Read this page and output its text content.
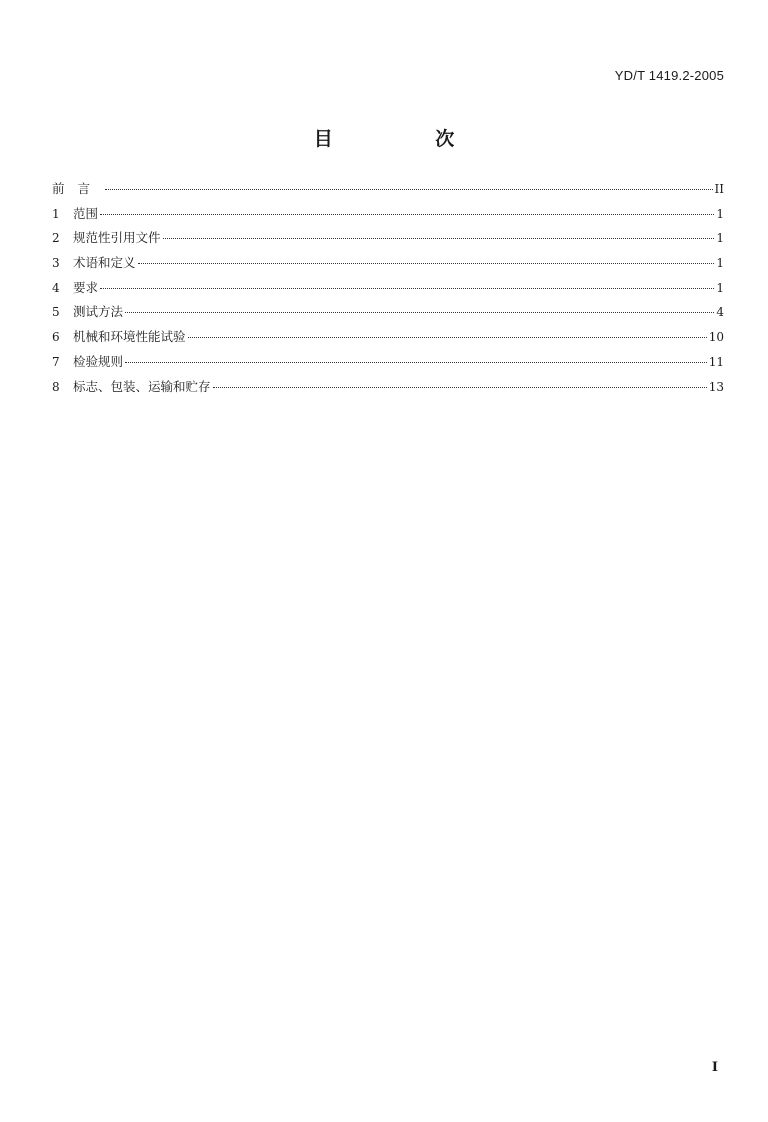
YD/T 1419.2-2005
目 次
前言	II
1	范围	1
2	规范性引用文件	1
3	术语和定义	1
4	要求	1
5	测试方法	4
6	机械和环境性能试验	10
7	检验规则	11
8	标志、包装、运输和贮存	13
I
